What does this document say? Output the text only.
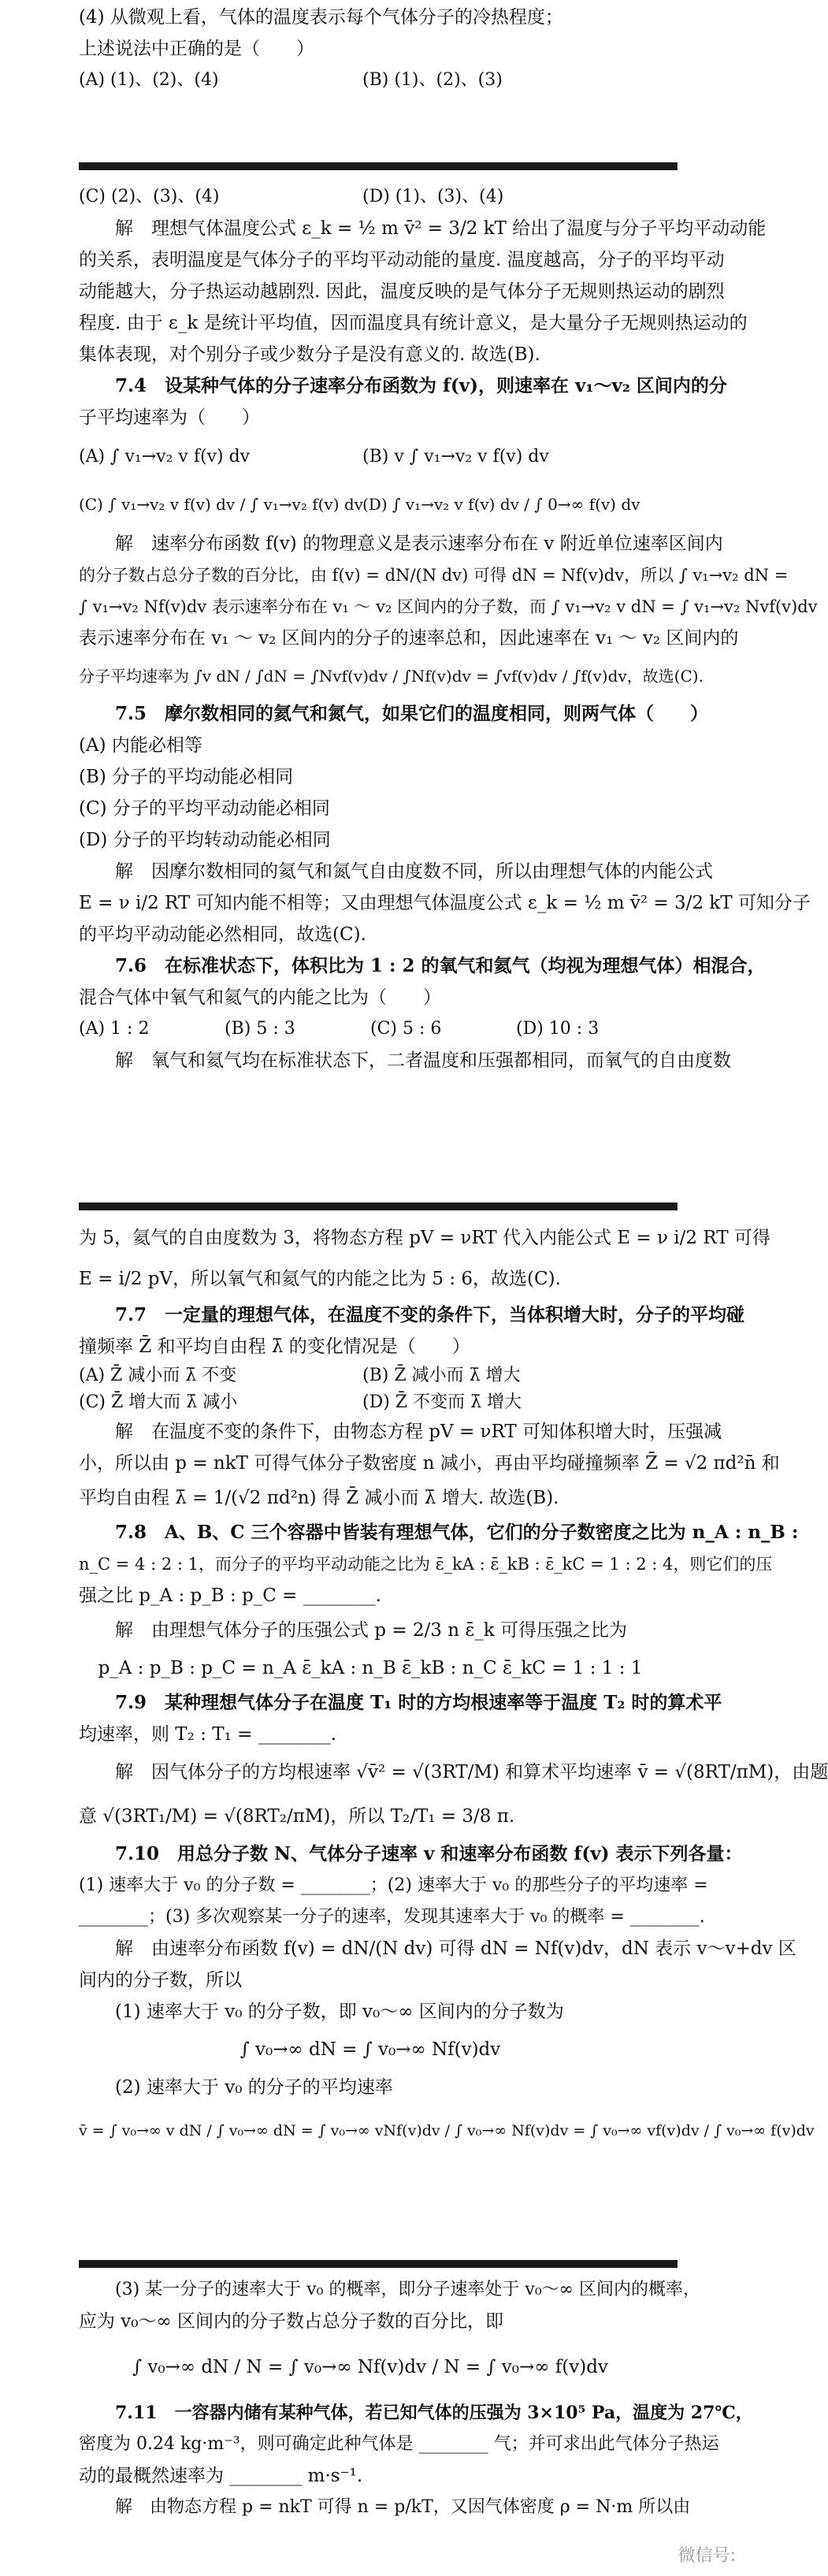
(4) 从微观上看，气体的温度表示每个气体分子的冷热程度；
上述说法中正确的是（　　）
(A) (1)、(2)、(4)	(B) (1)、(2)、(3)
(C) (2)、(3)、(4)	(D) (1)、(3)、(4)
解　理想气体温度公式 ε_k = ½ m v̄² = 3/2 kT 给出了温度与分子平均平动动能
的关系，表明温度是气体分子的平均平动动能的量度. 温度越高，分子的平均平动
动能越大，分子热运动越剧烈. 因此，温度反映的是气体分子无规则热运动的剧烈
程度. 由于 ε_k 是统计平均值，因而温度具有统计意义，是大量分子无规则热运动的
集体表现，对个别分子或少数分子是没有意义的. 故选(B).
7.4　设某种气体的分子速率分布函数为 f(v)，则速率在 v₁～v₂ 区间内的分
子平均速率为（　　）
(A) ∫ v₁→v₂ v f(v) dv	(B) v ∫ v₁→v₂ v f(v) dv
(C) ∫ v₁→v₂ v f(v) dv / ∫ v₁→v₂ f(v) dv (D) ∫ v₁→v₂ v f(v) dv / ∫ 0→∞ f(v) dv
解　速率分布函数 f(v) 的物理意义是表示速率分布在 v 附近单位速率区间内
的分子数占总分子数的百分比，由 f(v) = dN/(N dv) 可得 dN = Nf(v)dv，所以 ∫ v₁→v₂ dN =
∫ v₁→v₂ Nf(v)dv 表示速率分布在 v₁ ～ v₂ 区间内的分子数，而 ∫ v₁→v₂ v dN = ∫ v₁→v₂ Nvf(v)dv
表示速率分布在 v₁ ～ v₂ 区间内的分子的速率总和，因此速率在 v₁ ～ v₂ 区间内的
分子平均速率为 ∫v dN / ∫dN = ∫Nvf(v)dv / ∫Nf(v)dv = ∫vf(v)dv / ∫f(v)dv，故选(C).
7.5　摩尔数相同的氦气和氮气，如果它们的温度相同，则两气体（　　）
(A) 内能必相等
(B) 分子的平均动能必相同
(C) 分子的平均平动动能必相同
(D) 分子的平均转动动能必相同
解　因摩尔数相同的氦气和氮气自由度数不同，所以由理想气体的内能公式
E = ν i/2 RT 可知内能不相等；又由理想气体温度公式 ε_k = ½ m v̄² = 3/2 kT 可知分子
的平均平动动能必然相同，故选(C).
7.6　在标准状态下，体积比为 1 : 2 的氧气和氦气（均视为理想气体）相混合，
混合气体中氧气和氦气的内能之比为（　　）
(A) 1 : 2	(B) 5 : 3	(C) 5 : 6	(D) 10 : 3
解　氧气和氦气均在标准状态下，二者温度和压强都相同，而氧气的自由度数
为 5，氦气的自由度数为 3，将物态方程 pV = νRT 代入内能公式 E = ν i/2 RT 可得
E = i/2 pV，所以氧气和氦气的内能之比为 5 : 6，故选(C).
7.7　一定量的理想气体，在温度不变的条件下，当体积增大时，分子的平均碰
撞频率 Z̄ 和平均自由程 λ̄ 的变化情况是（　　）
(A) Z̄ 减小而 λ̄ 不变	(B) Z̄ 减小而 λ̄ 增大
(C) Z̄ 增大而 λ̄ 减小	(D) Z̄ 不变而 λ̄ 增大
解　在温度不变的条件下，由物态方程 pV = νRT 可知体积增大时，压强减
小，所以由 p = nkT 可得气体分子数密度 n 减小，再由平均碰撞频率 Z̄ = √2 πd²n̄ 和
平均自由程 λ̄ = 1/(√2 πd²n) 得 Z̄ 减小而 λ̄ 增大. 故选(B).
7.8　A、B、C 三个容器中皆装有理想气体，它们的分子数密度之比为 n_A : n_B :
n_C = 4 : 2 : 1，而分子的平均平动动能之比为 ε̄_kA : ε̄_kB : ε̄_kC = 1 : 2 : 4，则它们的压
强之比 p_A : p_B : p_C = ________.
解　由理想气体分子的压强公式 p = 2/3 n ε̄_k 可得压强之比为
p_A : p_B : p_C = n_A ε̄_kA : n_B ε̄_kB : n_C ε̄_kC = 1 : 1 : 1
7.9　某种理想气体分子在温度 T₁ 时的方均根速率等于温度 T₂ 时的算术平
均速率，则 T₂ : T₁ = ________.
解　因气体分子的方均根速率 √v̄² = √(3RT/M) 和算术平均速率 v̄ = √(8RT/πM)，由题
意 √(3RT₁/M) = √(8RT₂/πM)，所以 T₂/T₁ = 3/8 π.
7.10　用总分子数 N、气体分子速率 v 和速率分布函数 f(v) 表示下列各量：
(1) 速率大于 v₀ 的分子数 = ________；(2) 速率大于 v₀ 的那些分子的平均速率 =
________；(3) 多次观察某一分子的速率，发现其速率大于 v₀ 的概率 = ________.
解　由速率分布函数 f(v) = dN/(N dv) 可得 dN = Nf(v)dv，dN 表示 v～v+dv 区
间内的分子数，所以
(1) 速率大于 v₀ 的分子数，即 v₀～∞ 区间内的分子数为
∫ v₀→∞ dN = ∫ v₀→∞ Nf(v)dv
(2) 速率大于 v₀ 的分子的平均速率
v̄ = ∫ v₀→∞ v dN / ∫ v₀→∞ dN = ∫ v₀→∞ vNf(v)dv / ∫ v₀→∞ Nf(v)dv = ∫ v₀→∞ vf(v)dv / ∫ v₀→∞ f(v)dv
(3) 某一分子的速率大于 v₀ 的概率，即分子速率处于 v₀～∞ 区间内的概率，
应为 v₀～∞ 区间内的分子数占总分子数的百分比，即
∫ v₀→∞ dN / N = ∫ v₀→∞ Nf(v)dv / N = ∫ v₀→∞ f(v)dv
7.11　一容器内储有某种气体，若已知气体的压强为 3×10⁵ Pa，温度为 27℃，
密度为 0.24 kg·m⁻³，则可确定此种气体是 ________ 气；并可求出此气体分子热运
动的最概然速率为 ________ m·s⁻¹.
解　由物态方程 p = nkT 可得 n = p/kT，又因气体密度 ρ = N·m 所以由
微信号:
